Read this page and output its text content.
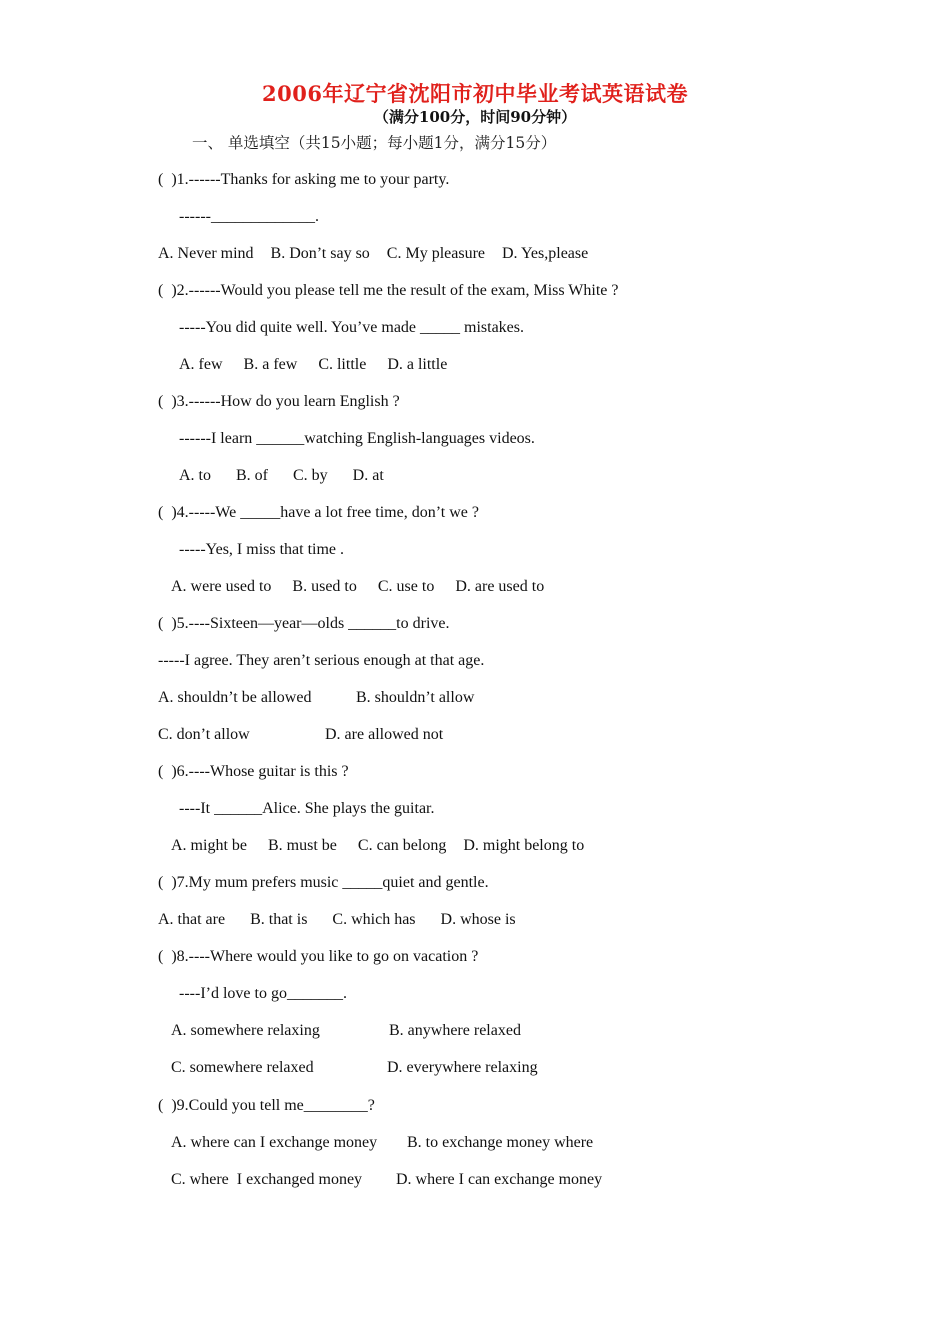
2006年辽宁省沈阳市初中毕业考试英语试卷
（满分100分，时间90分钟）
一、 单选填空（共15小题；每小题1分，满分15分）
(  )1.------Thanks for asking me to your party.
------_____________.
A. Never mind B. Don’t say so C. My pleasure D. Yes,please
(  )2.------Would you please tell me the result of the exam, Miss White ?
-----You did quite well. You’ve made _____ mistakes.
A. few B. a few C. little D. a little
(  )3.------How do you learn English ?
------I learn ______watching English-languages videos.
A. to B. of C. by D. at
(  )4.-----We _____have a lot free time, don’t we ?
-----Yes, I miss that time .
A. were used to B. used to C. use to D. are used to
(  )5.----Sixteen—year—olds ______to drive.
-----I agree. They aren’t serious enough at that age.
A. shouldn’t be allowed	B. shouldn’t allow
C. don’t allow	D. are allowed not
(  )6.----Whose guitar is this ?
----It ______Alice. She plays the guitar.
A. might be B. must be C. can belong D. might belong to
(  )7.My mum prefers music _____quiet and gentle.
A. that are B. that is C. which has D. whose is
(  )8.----Where would you like to go on vacation ?
----I’d love to go_______.
A. somewhere relaxing	B. anywhere relaxed
C. somewhere relaxed	D. everywhere relaxing
(  )9.Could you tell me________?
A. where can I exchange money B. to exchange money where
C. where  I exchanged money D. where I can exchange money
